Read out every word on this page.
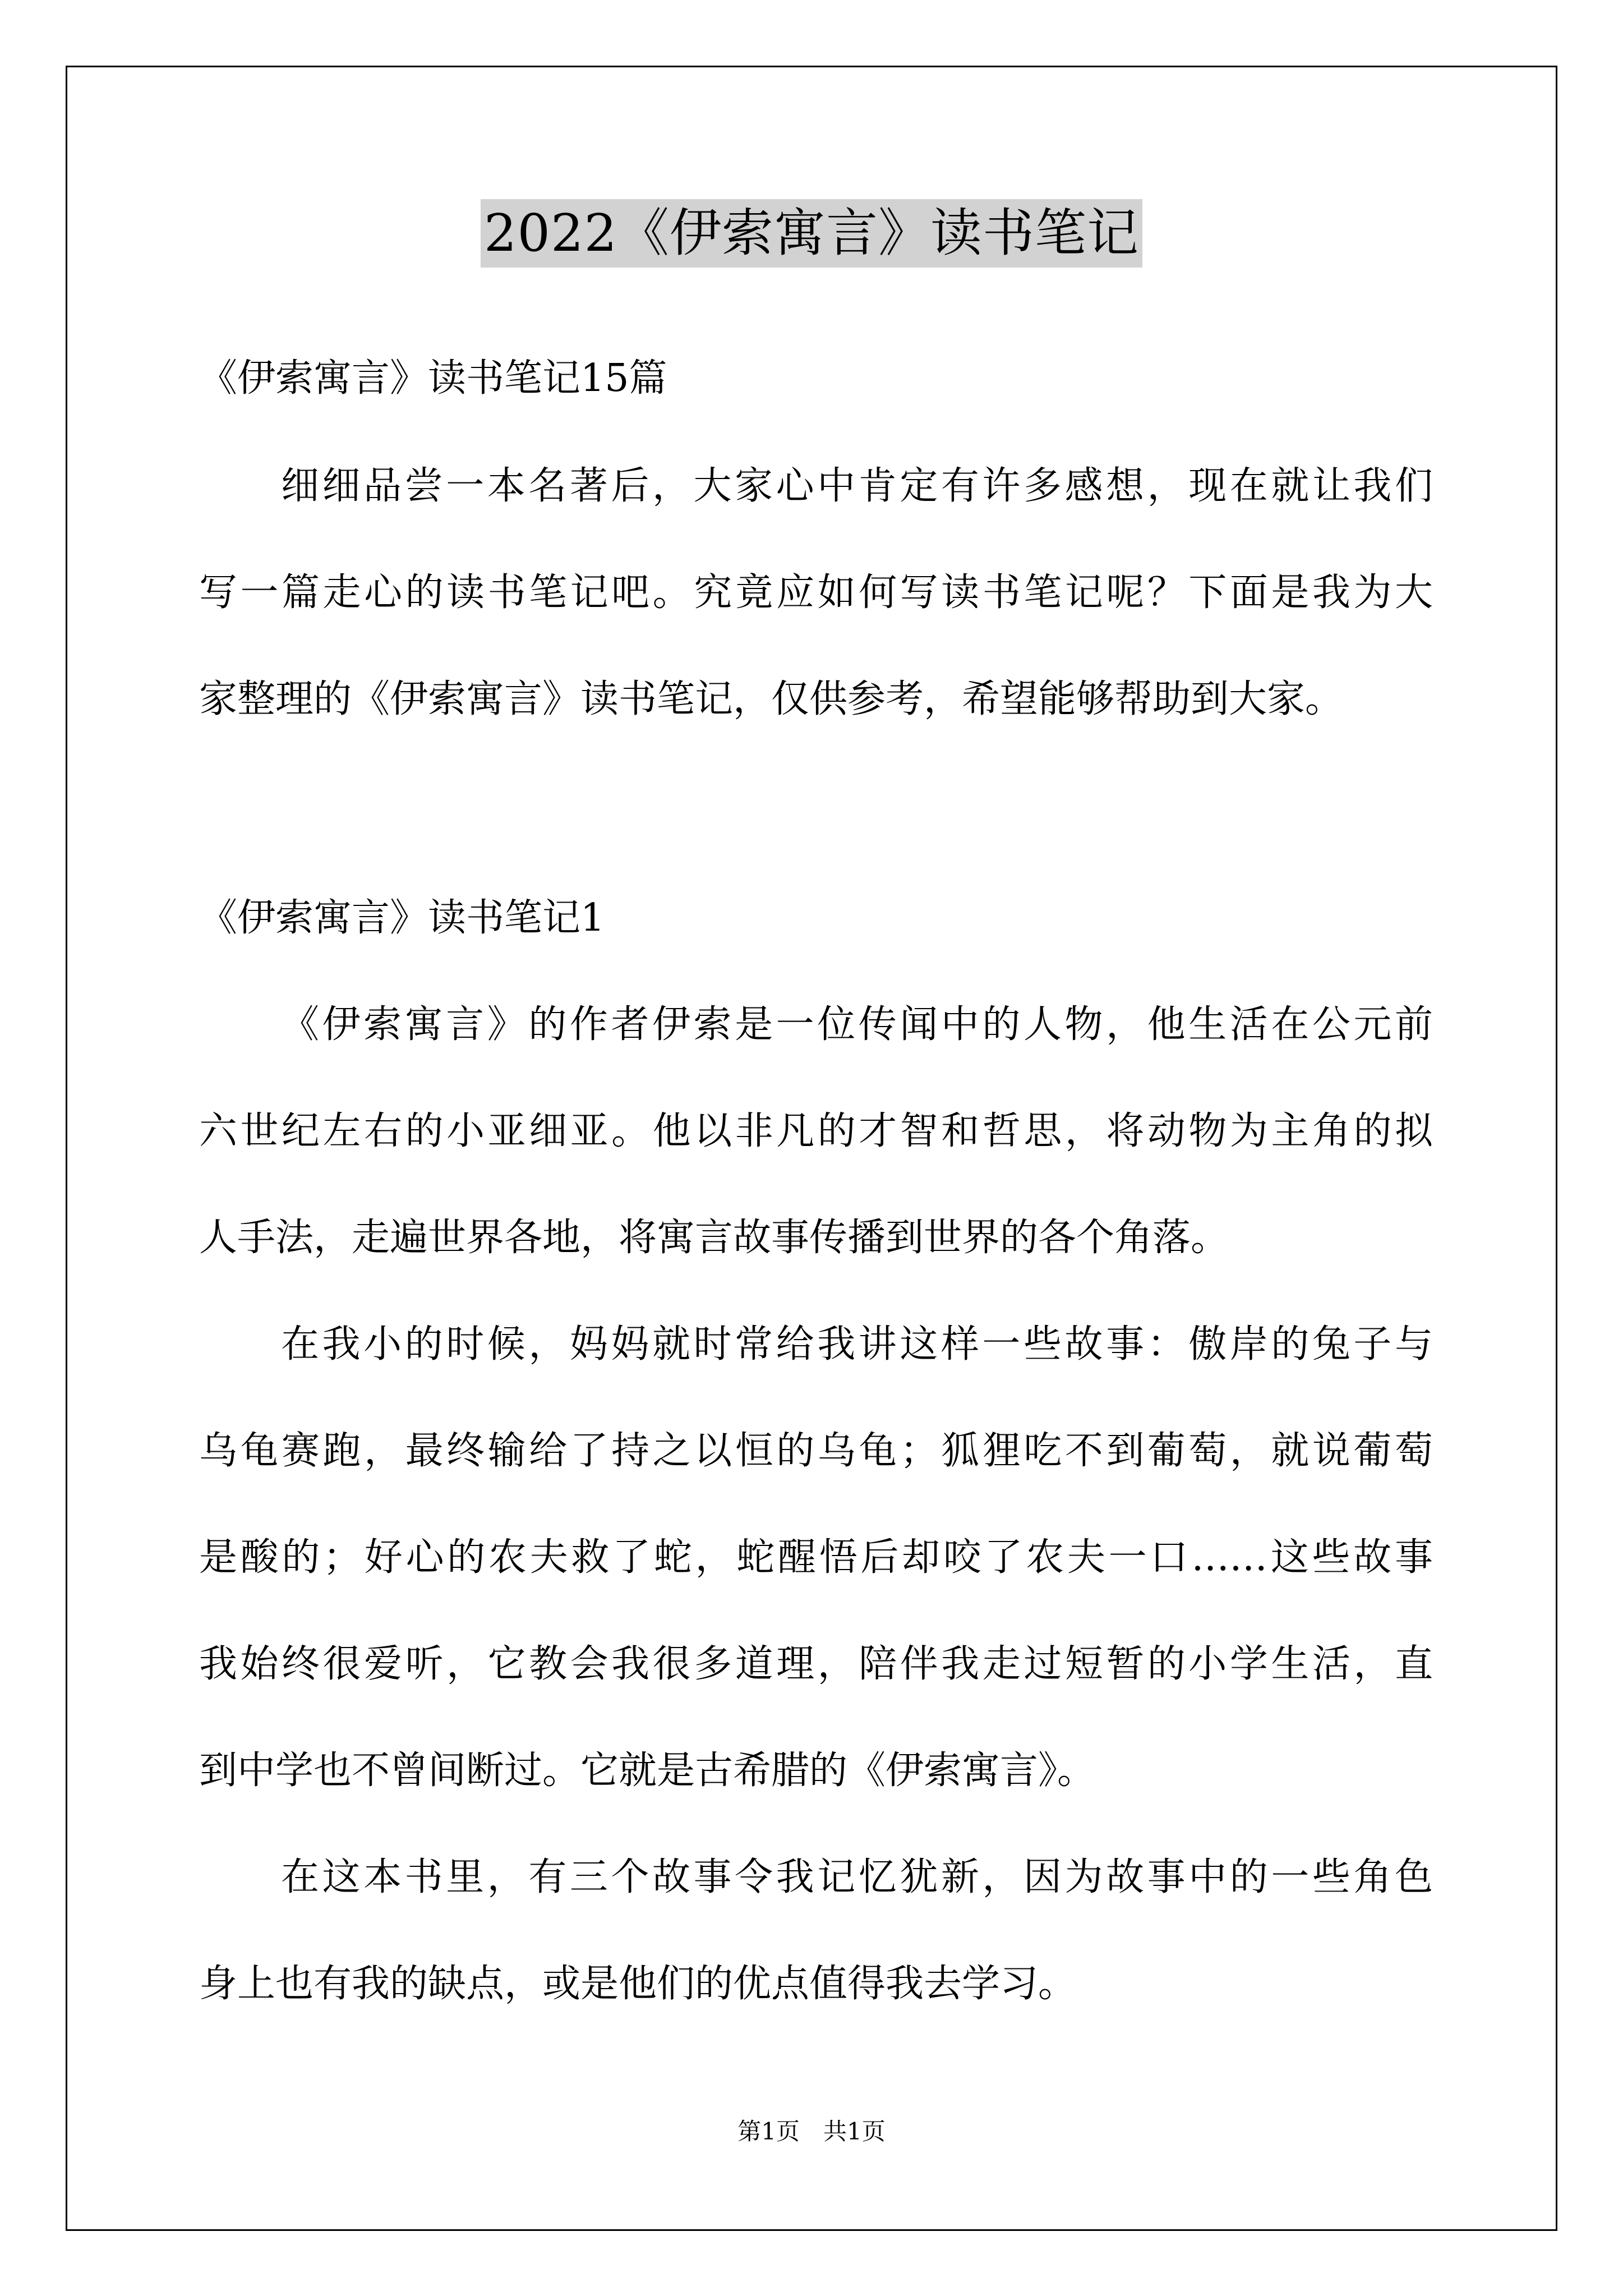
2022《伊索寓言》读书笔记
《伊索寓言》读书笔记15篇
细细品尝一本名著后，大家心中肯定有许多感想，现在就让我们
写一篇走心的读书笔记吧。究竟应如何写读书笔记呢？下面是我为大
家整理的《伊索寓言》读书笔记，仅供参考，希望能够帮助到大家。
《伊索寓言》读书笔记1
《伊索寓言》的作者伊索是一位传闻中的人物，他生活在公元前
六世纪左右的小亚细亚。他以非凡的才智和哲思，将动物为主角的拟
人手法，走遍世界各地，将寓言故事传播到世界的各个角落。
在我小的时候，妈妈就时常给我讲这样一些故事：傲岸的兔子与
乌龟赛跑，最终输给了持之以恒的乌龟；狐狸吃不到葡萄，就说葡萄
是酸的；好心的农夫救了蛇，蛇醒悟后却咬了农夫一口……这些故事
我始终很爱听，它教会我很多道理，陪伴我走过短暂的小学生活，直
到中学也不曾间断过。它就是古希腊的《伊索寓言》。
在这本书里，有三个故事令我记忆犹新，因为故事中的一些角色
身上也有我的缺点，或是他们的优点值得我去学习。
第1页 共1页
